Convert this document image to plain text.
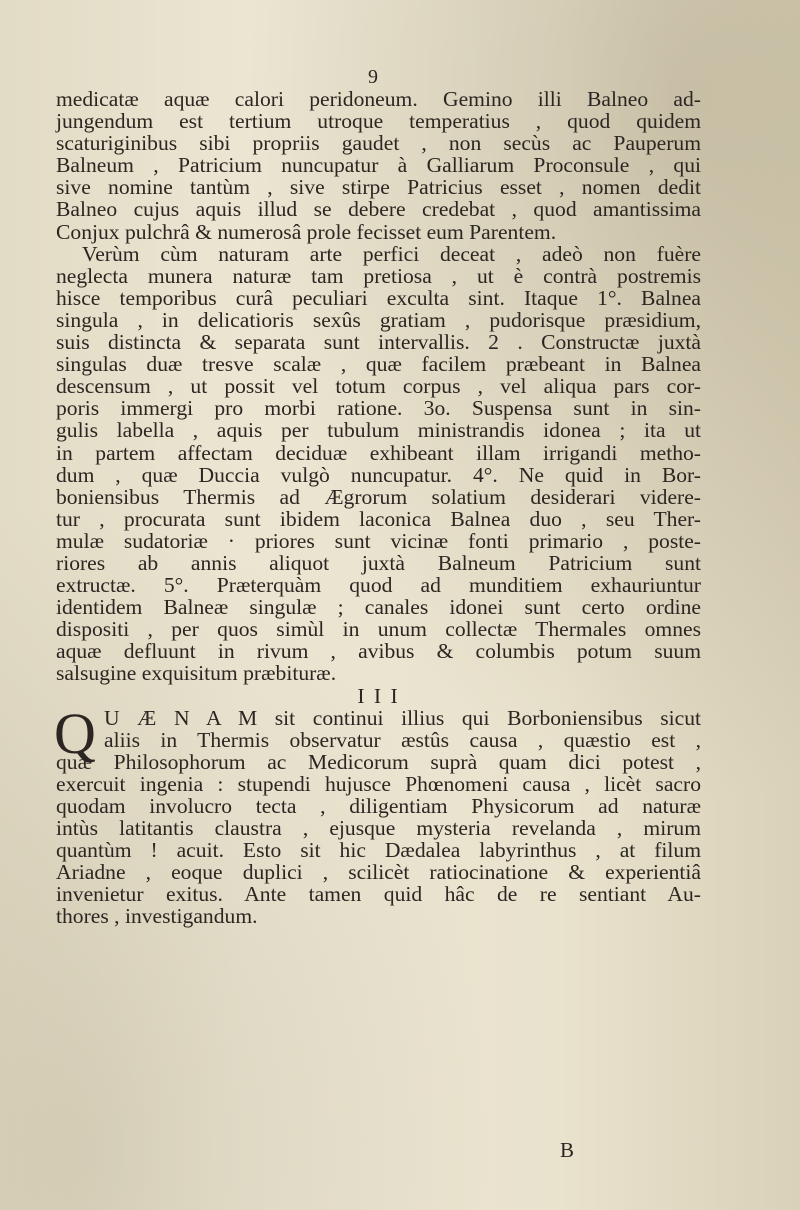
9
medicatæ aquæ calori peridoneum. Gemino illi Balneo ad-
jungendum est tertium utroque temperatius , quod quidem
scaturiginibus sibi propriis gaudet , non secùs ac Pauperum
Balneum , Patricium nuncupatur à Galliarum Proconsule , qui
sive nomine tantùm , sive stirpe Patricius esset , nomen dedit
Balneo cujus aquis illud se debere credebat , quod amantissima
Conjux pulchrâ & numerosâ prole fecisset eum Parentem.
Verùm cùm naturam arte perfici deceat , adeò non fuère
neglecta munera naturæ tam pretiosa , ut è contrà postremis
hisce temporibus curâ peculiari exculta sint. Itaque 1°. Balnea
singula , in delicatioris sexûs gratiam , pudorisque præsidium,
suis distincta & separata sunt intervallis. 2 . Constructæ juxtà
singulas duæ tresve scalæ , quæ facilem præbeant in Balnea
descensum , ut possit vel totum corpus , vel aliqua pars cor-
poris immergi pro morbi ratione. 3o. Suspensa sunt in sin-
gulis labella , aquis per tubulum ministrandis idonea ; ita ut
in partem affectam deciduæ exhibeant illam irrigandi metho-
dum , quæ Duccia vulgò nuncupatur. 4°. Ne quid in Bor-
boniensibus Thermis ad Ægrorum solatium desiderari videre-
tur , procurata sunt ibidem laconica Balnea duo , seu Ther-
mulæ sudatoriæ · priores sunt vicinæ fonti primario , poste-
riores ab annis aliquot juxtà Balneum Patricium sunt
extructæ. 5°. Præterquàm quod ad munditiem exhauriuntur
identidem Balneæ singulæ ; canales idonei sunt certo ordine
dispositi , per quos simùl in unum collectæ Thermales omnes
aquæ defluunt in rivum , avibus & columbis potum suum
salsugine exquisitum præbituræ.
I I I
Q U Æ N A M sit continui illius qui Borboniensibus sicut
aliis in Thermis observatur æstûs causa , quæstio est ,
quæ Philosophorum ac Medicorum suprà quam dici potest ,
exercuit ingenia : stupendi hujusce Phœnomeni causa , licèt sacro
quodam involucro tecta , diligentiam Physicorum ad naturæ
intùs latitantis claustra , ejusque mysteria revelanda , mirum
quantùm ! acuit. Esto sit hic Dædalea labyrinthus , at filum
Ariadne , eoque duplici , scilicèt ratiocinatione & experientiâ
invenietur exitus. Ante tamen quid hâc de re sentiant Au-
thores , investigandum.
B
